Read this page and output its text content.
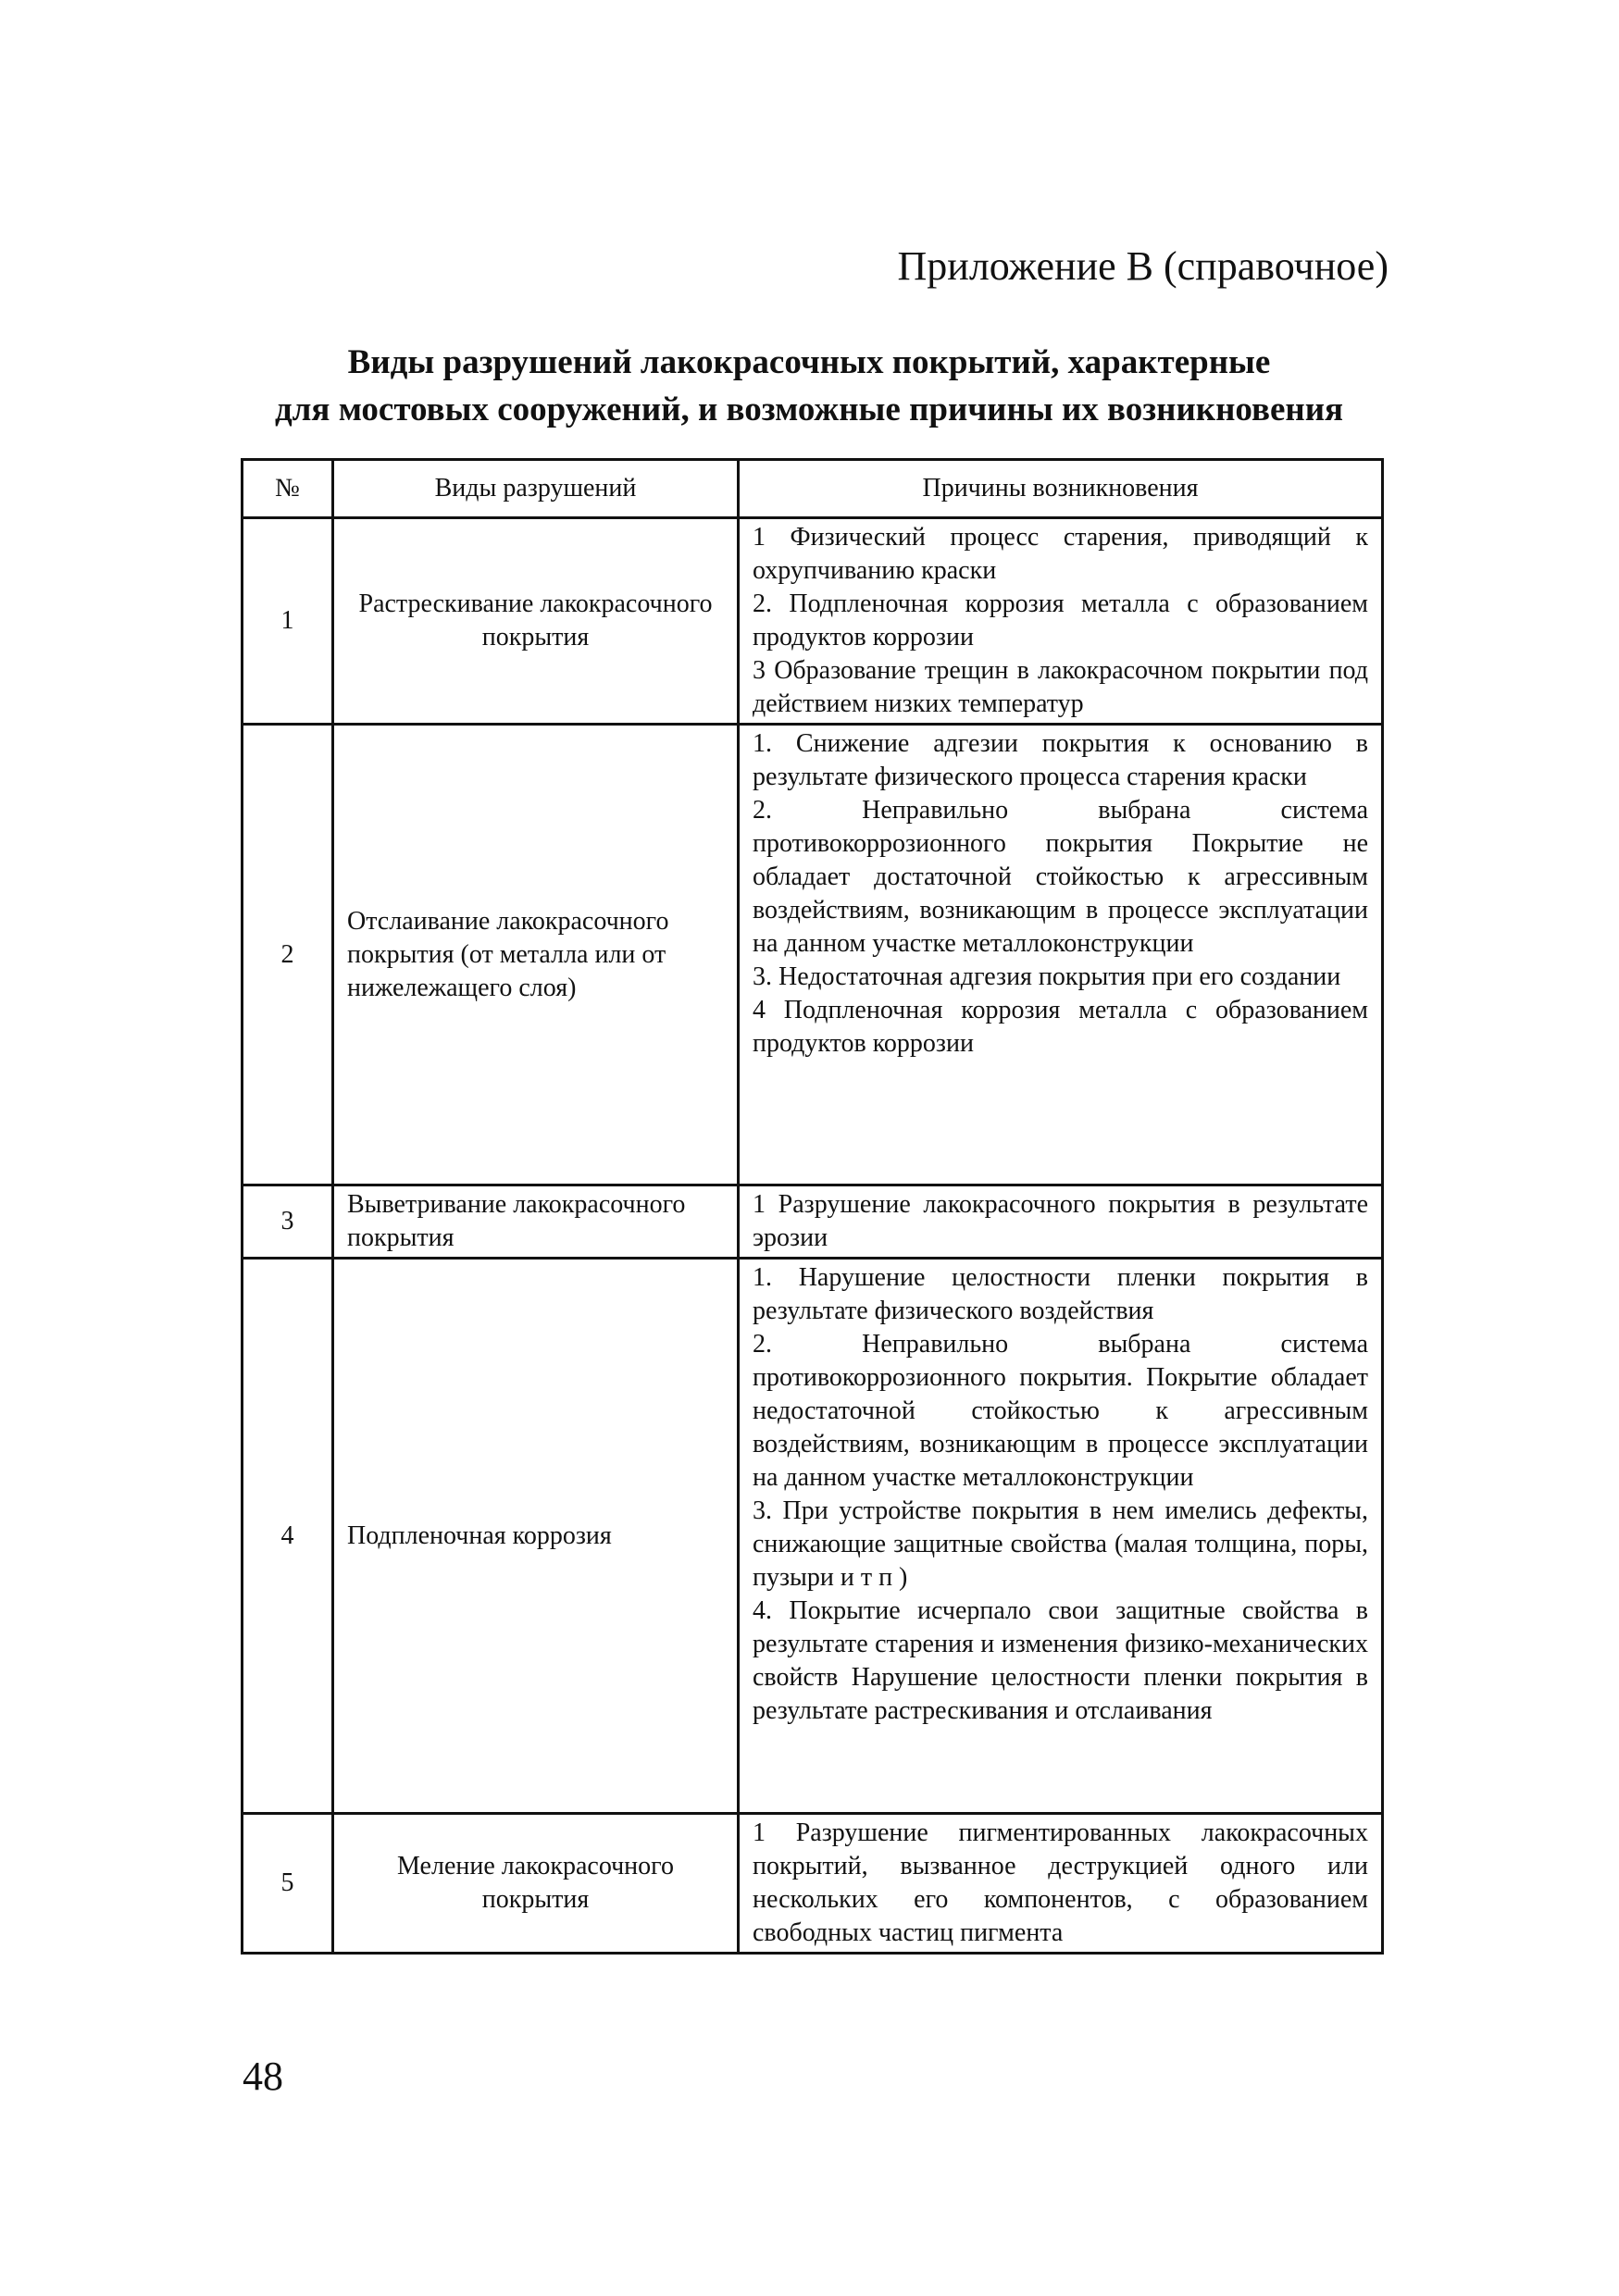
Приложение В (справочное)
Виды разрушений лакокрасочных покрытий, характерные
для мостовых сооружений, и возможные причины их возникновения
№	Виды разрушений	Причины возникновения
1	Растрескивание лакокрасочного покрытия	1 Физический процесс старения, приводящий к охрупчиванию краски

2. Подпленочная коррозия металла с образованием продуктов коррозии

3 Образование трещин в лакокрасочном покрытии под действием низких температур

2	Отслаивание лакокрасочного покрытия (от металла или от нижележащего слоя)	1. Снижение адгезии покрытия к основанию в результате физического процесса старения краски

2. Неправильно выбрана система противокоррозионного покрытия Покрытие не обладает достаточной стойкостью к агрессивным воздействиям, возникающим в процессе эксплуатации на данном участке металлоконструкции

3. Недостаточная адгезия покрытия при его создании

4 Подпленочная коррозия металла с образованием продуктов коррозии

3	Выветривание лакокрасочного покрытия	1 Разрушение лакокрасочного покрытия в результате эрозии

4	Подпленочная коррозия	1. Нарушение целостности пленки покрытия в результате физического воздействия

2. Неправильно выбрана система противокоррозионного покрытия. Покрытие обладает недостаточной стойкостью к агрессивным воздействиям, возникающим в процессе эксплуатации на данном участке металлоконструкции

3. При устройстве покрытия в нем имелись дефекты, снижающие защитные свойства (малая толщина, поры, пузыри и т п )

4. Покрытие исчерпало свои защитные свойства в результате старения и изменения физико-механических свойств Нарушение целостности пленки покрытия в результате растрескивания и отслаивания

5	Меление лакокрасочного покрытия	1 Разрушение пигментированных лакокрасочных покрытий, вызванное деструкцией одного или нескольких его компонентов, с образованием свободных частиц пигмента

48
